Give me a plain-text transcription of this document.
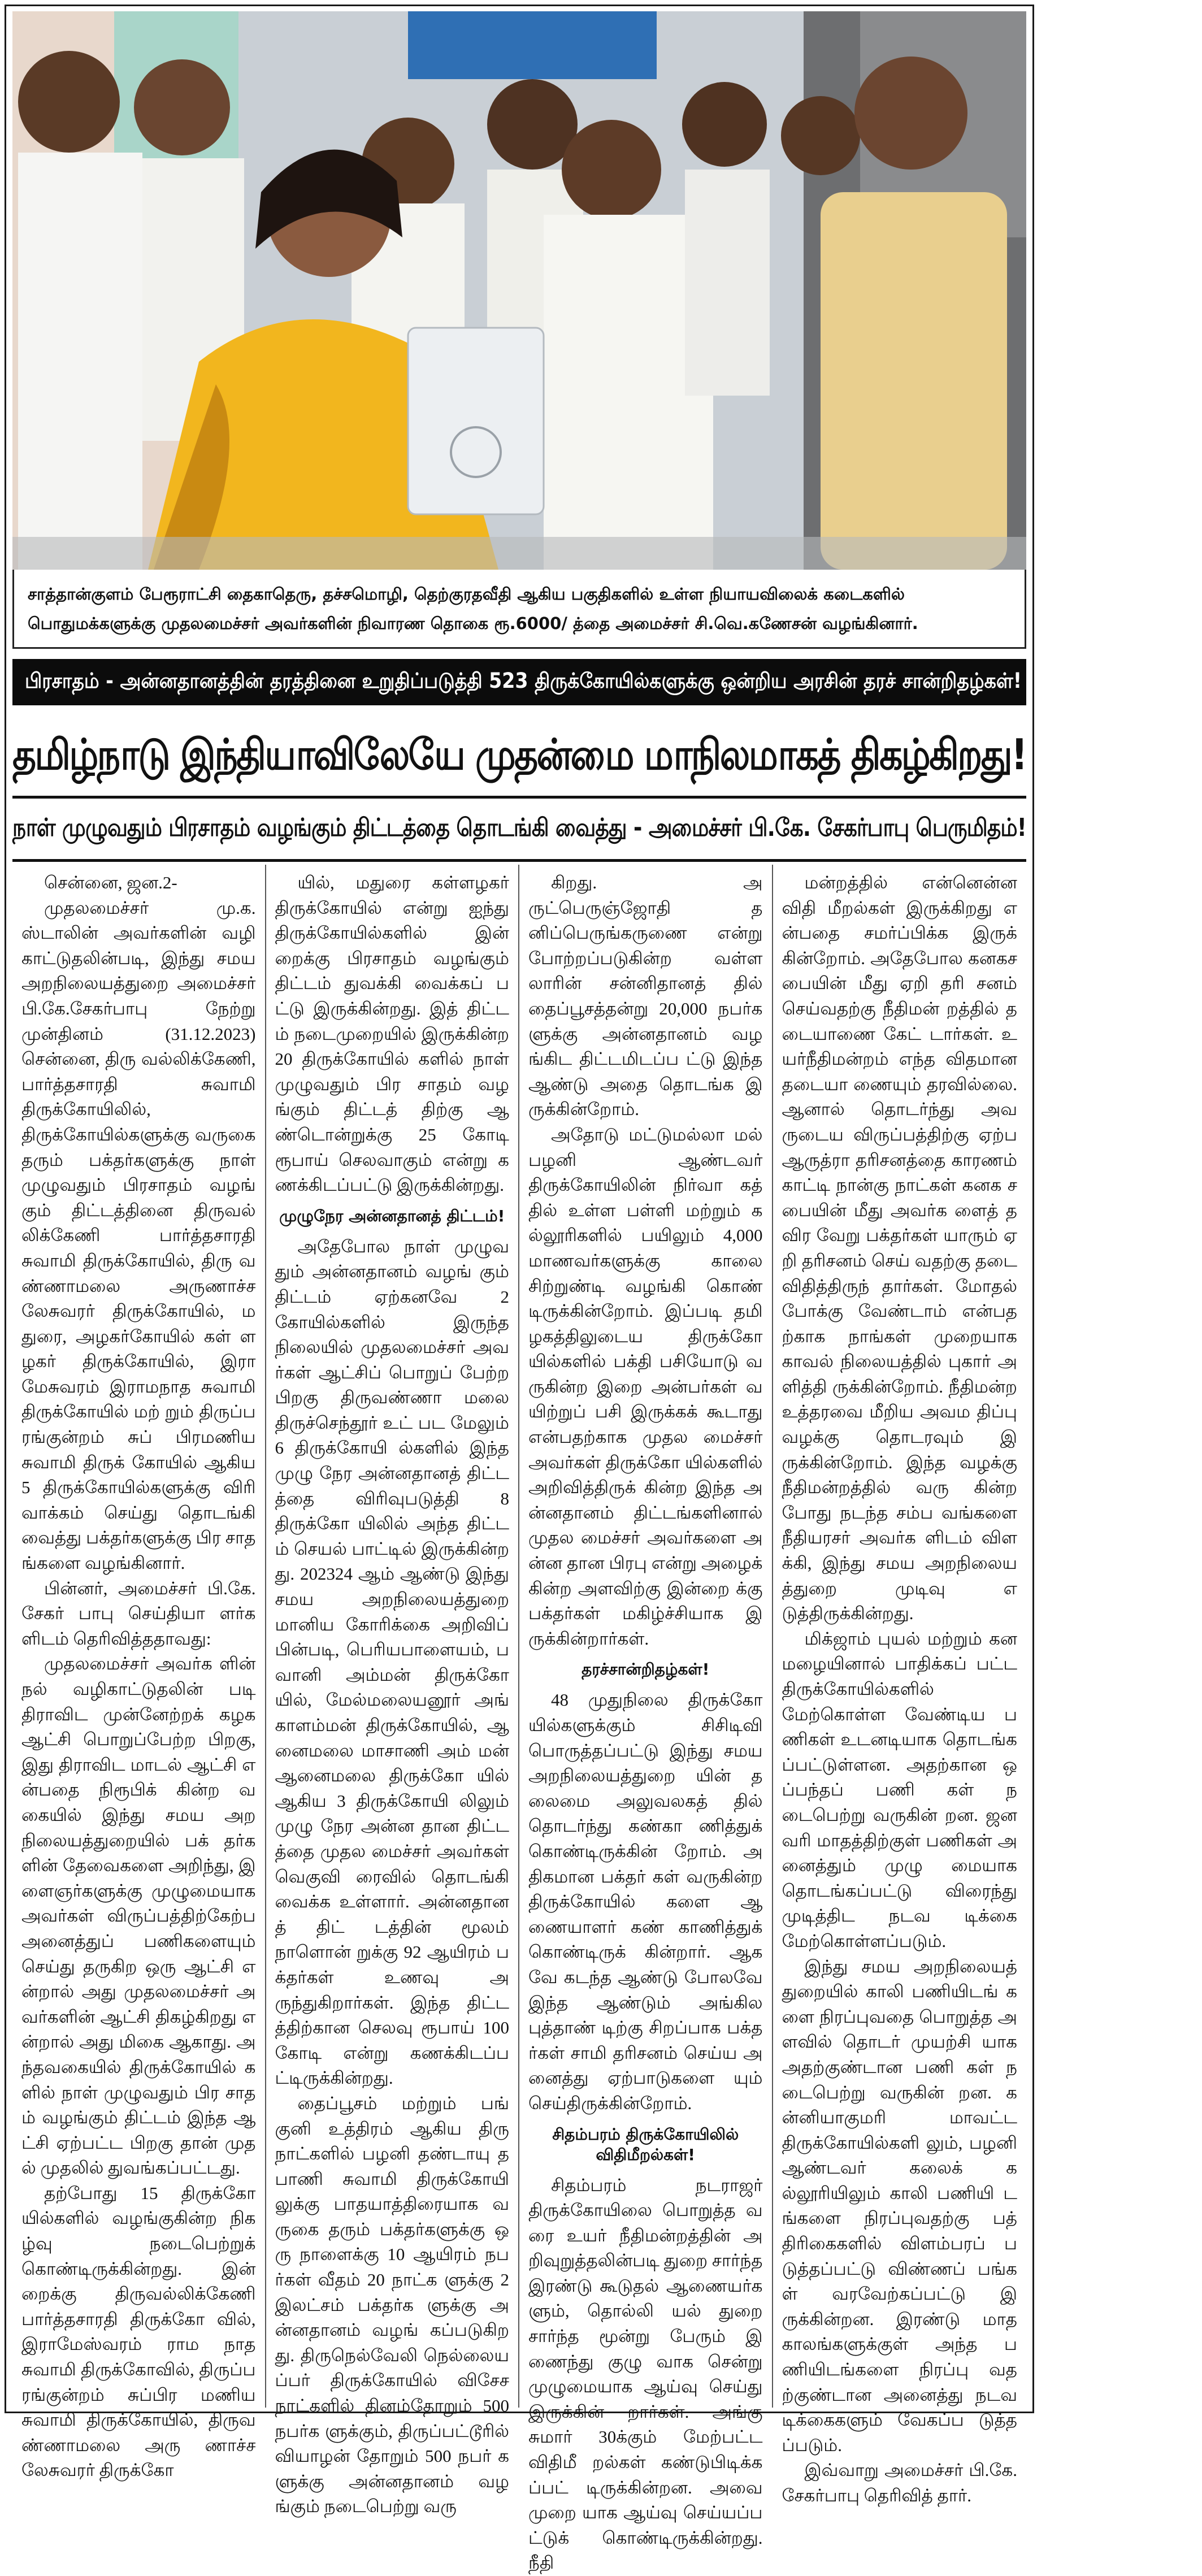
சாத்தான்குளம் பேரூராட்சி தைகாதெரு, தச்சமொழி, தெற்குரதவீதி ஆகிய பகுதிகளில் உள்ள நியாயவிலைக் கடைகளில்

பொதுமக்களுக்கு முதலமைச்சர் அவர்களின் நிவாரண தொகை ரூ.6000/ த்தை அமைச்சர் சி.வெ.கணேசன் வழங்கினார்.

பிரசாதம் - அன்னதானத்தின் தரத்தினை உறுதிப்படுத்தி 523 திருக்கோயில்களுக்கு ஒன்றிய அரசின் தரச் சான்றிதழ்கள்!
தமிழ்நாடு இந்தியாவிலேயே முதன்மை மாநிலமாகத் திகழ்கிறது!
நாள் முழுவதும் பிரசாதம் வழங்கும் திட்டத்தை தொடங்கி வைத்து - அமைச்சர் பி.கே. சேகர்பாபு பெருமிதம்!

சென்னை, ஜன.2-

முதலமைச்சர் மு.க. ஸ்டாலின் அவர்களின் வழி காட்டுதலின்படி, இந்து சமய அறநிலையத்துறை அமைச்சர் பி.கே.சேகர்பாபு நேற்று முன்தினம் (31.12.2023) சென்னை, திரு வல்லிக்கேணி, பார்த்தசாரதி சுவாமி திருக்கோயிலில், திருக்கோயில்களுக்கு வருகை தரும் பக்தர்களுக்கு நாள் முழுவதும் பிரசாதம் வழங் கும் திட்டத்தினை திருவல் லிக்கேணி பார்த்தசாரதி சுவாமி திருக்கோயில், திரு வண்ணாமலை அருணாச்ச லேசுவரர் திருக்கோயில், மதுரை, அழகர்கோயில் கள் ளழகர் திருக்கோயில், இரா மேசுவரம் இராமநாத சுவாமி திருக்கோயில் மற் றும் திருப்பரங்குன்றம் சுப் பிரமணிய சுவாமி திருக் கோயில் ஆகிய 5 திருக்கோயில்களுக்கு விரி வாக்கம் செய்து தொடங்கி வைத்து பக்தர்களுக்கு பிர சாதங்களை வழங்கினார்.

பின்னர், அமைச்சர் பி.கே.சேகர் பாபு செய்தியா ளர்களிடம் தெரிவித்ததாவது:

முதலமைச்சர் அவர்க ளின் நல் வழிகாட்டுதலின் படி திராவிட முன்னேற்றக் கழக ஆட்சி பொறுப்பேற்ற பிறகு, இது திராவிட மாடல் ஆட்சி என்பதை நிரூபிக் கின்ற வகையில் இந்து சமய அறநிலையத்துறையில் பக் தர்களின் தேவைகளை அறிந்து, இளைஞர்களுக்கு முழுமையாக அவர்கள் விருப்பத்திற்கேற்ப அனைத்துப் பணிகளையும் செய்து தருகிற ஒரு ஆட்சி என்றால் அது முதலமைச்சர் அவர்களின் ஆட்சி திகழ்கிறது என்றால் அது மிகை ஆகாது. அந்தவகையில் திருக்கோயில் களில் நாள் முழுவதும் பிர சாதம் வழங்கும் திட்டம் இந்த ஆட்சி ஏற்பட்ட பிறகு தான் முதல் முதலில் துவங்கப்பட்டது.

தற்போது 15 திருக்கோ யில்களில் வழங்குகின்ற நிகழ்வு நடைபெற்றுக் கொண்டிருக்கின்றது. இன் றைக்கு திருவல்லிக்கேணி பார்த்தசாரதி திருக்கோ வில், இராமேஸ்வரம் ராம நாதசுவாமி திருக்கோவில், திருப்பரங்குன்றம் சுப்பிர மணிய சுவாமி திருக்கோயில், திருவண்ணாமலை அரு ணாச்சலேசுவரர் திருக்கோ

யில், மதுரை கள்ளழகர் திருக்கோயில் என்று ஐந்து திருக்கோயில்களில் இன் றைக்கு பிரசாதம் வழங்கும் திட்டம் துவக்கி வைக்கப் பட்டு இருக்கின்றது. இத் திட்டம் நடைமுறையில் இருக்கின்ற 20 திருக்கோயில் களில் நாள் முழுவதும் பிர சாதம் வழங்கும் திட்டத் திற்கு ஆண்டொன்றுக்கு 25 கோடி ரூபாய் செலவாகும் என்று கணக்கிடப்பட்டு இருக்கின்றது.

முழுநேர அன்னதானத் திட்டம்!

அதேபோல நாள் முழுவ தும் அன்னதானம் வழங் கும் திட்டம் ஏற்கனவே 2 கோயில்களில் இருந்த நிலையில் முதலமைச்சர் அவர்கள் ஆட்சிப் பொறுப் பேற்ற பிறகு திருவண்ணா மலை திருச்செந்தூர் உட் பட மேலும் 6 திருக்கோயி ல்களில் இந்த முழு நேர அன்னதானத் திட்டத்தை விரிவுபடுத்தி 8 திருக்கோ யிலில் அந்த திட்டம் செயல் பாட்டில் இருக்கின்றது. 202324 ஆம் ஆண்டு இந்து சமய அறநிலையத்துறை மானிய கோரிக்கை அறிவிப் பின்படி, பெரியபாளையம், பவானி அம்மன் திருக்கோ யில், மேல்மலையனூர் அங் காளம்மன் திருக்கோயில், ஆனைமலை மாசாணி அம் மன் ஆனைமலை திருக்கோ யில் ஆகிய 3 திருக்கோயி லிலும் முழு நேர அன்ன தான திட்டத்தை முதல மைச்சர் அவர்கள் வெகுவி ரைவில் தொடங்கி வைக்க உள்ளார். அன்னதானத் திட் டத்தின் மூலம் நாளொன் றுக்கு 92 ஆயிரம் பக்தர்கள் உணவு அருந்துகிறார்கள். இந்த திட்டத்திற்கான செலவு ரூபாய் 100 கோடி என்று கணக்கிடப்பட்டிருக்கின்றது.

தைப்பூசம் மற்றும் பங் குனி உத்திரம் ஆகிய திரு நாட்களில் பழனி தண்டாயு தபாணி சுவாமி திருக்கோயி லுக்கு பாதயாத்திரையாக வருகை தரும் பக்தர்களுக்கு ஒரு நாளைக்கு 10 ஆயிரம் நபர்கள் வீதம் 20 நாட்க ளுக்கு 2 இலட்சம் பக்தர்க ளுக்கு அன்னதானம் வழங் கப்படுகிறது. திருநெல்வேலி நெல்லையப்பர் திருக்கோயில் விசேச நாட்களில் தினம்தோறும் 500 நபர்க ளுக்கும், திருப்பட்டூரில் வியாழன் தோறும் 500 நபர் களுக்கு அன்னதானம் வழங்கும் நடைபெற்று வரு

கிறது. அருட்பெருஞ்ஜோதி தனிப்பெருங்கருணை என்று போற்றப்படுகின்ற வள்ளலாரின் சன்னிதானத் தில் தைப்பூசத்தன்று 20,000 நபர்களுக்கு அன்னதானம் வழங்கிட திட்டமிடப்ப ட்டு இந்த ஆண்டு அதை தொடங்க இருக்கின்றோம்.

அதோடு மட்டுமல்லா மல் பழனி ஆண்டவர் திருக்கோயிலின் நிர்வா கத் தில் உள்ள பள்ளி மற்றும் கல்லூரிகளில் பயிலும் 4,000 மாணவர்களுக்கு காலை சிற்றுண்டி வழங்கி கொண் டிருக்கின்றோம். இப்படி தமி ழகத்திலுடைய திருக்கோ யில்களில் பக்தி பசியோடு வருகின்ற இறை அன்பர்கள் வயிற்றுப் பசி இருக்கக் கூடாது என்பதற்காக முதல மைச்சர் அவர்கள் திருக்கோ யில்களில் அறிவித்திருக் கின்ற இந்த அன்னதானம் திட்டங்களினால் முதல மைச்சர் அவர்களை அன்ன தான பிரபு என்று அழைக் கின்ற அளவிற்கு இன்றை க்கு பக்தர்கள் மகிழ்ச்சியாக இருக்கின்றார்கள்.

தரச்சான்றிதழ்கள்!

48 முதுநிலை திருக்கோ யில்களுக்கும் சிசிடிவி பொருத்தப்பட்டு இந்து சமய அறநிலையத்துறை யின் தலைமை அலுவலகத் தில் தொடர்ந்து கண்கா ணித்துக் கொண்டிருக்கின் றோம். அதிகமான பக்தர் கள் வருகின்ற திருக்கோயில் களை ஆணையாளர் கண் காணித்துக் கொண்டிருக் கின்றார். ஆகவே கடந்த ஆண்டு போலவே இந்த ஆண்டும் அங்கில புத்தாண் டிற்கு சிறப்பாக பக்தர்கள் சாமி தரிசனம் செய்ய அனைத்து ஏற்பாடுகளை யும் செய்திருக்கின்றோம்.

சிதம்பரம் திருக்கோயிலில் விதிமீறல்கள்!

சிதம்பரம் நடராஜர் திருக்கோயிலை பொறுத்த வரை உயர் நீதிமன்றத்தின் அறிவுறுத்தலின்படி துறை சார்ந்த இரண்டு கூடுதல் ஆணையர்களும், தொல்லி யல் துறை சார்ந்த மூன்று பேரும் இணைந்து குழு வாக சென்று முழுமையாக ஆய்வு செய்து இருக்கின் றார்கள். அங்கு சுமார் 30க்கும் மேற்பட்ட விதிமீ றல்கள் கண்டுபிடிக்கப்பட் டிருக்கின்றன. அவை முறை யாக ஆய்வு செய்யப்பட்டுக் கொண்டிருக்கின்றது. நீதி

மன்றத்தில் என்னென்ன விதி மீறல்கள் இருக்கிறது என்பதை சமர்ப்பிக்க இருக் கின்றோம். அதேபோல கனகசபையின் மீது ஏறி தரி சனம் செய்வதற்கு நீதிமன் றத்தில் தடையாணை கேட் டார்கள். உயர்நீதிமன்றம் எந்த விதமான தடையா ணையும் தரவில்லை. ஆனால் தொடர்ந்து அவருடைய விருப்பத்திற்கு ஏற்ப ஆருத்ரா தரிசனத்தை காரணம் காட்டி நான்கு நாட்கள் கனக சபையின் மீது அவர்க ளைத் தவிர வேறு பக்தர்கள் யாரும் ஏறி தரிசனம் செய் வதற்கு தடை விதித்திருந் தார்கள். மோதல் போக்கு வேண்டாம் என்பதற்காக நாங்கள் முறையாக காவல் நிலையத்தில் புகார் அளித்தி ருக்கின்றோம். நீதிமன்ற உத்தரவை மீறிய அவம திப்பு வழக்கு தொடரவும் இருக்கின்றோம். இந்த வழக்கு நீதிமன்றத்தில் வரு கின்ற போது நடந்த சம்ப வங்களை நீதியரசர் அவர்க ளிடம் விளக்கி, இந்து சமய அறநிலையத்துறை முடிவு எடுத்திருக்கின்றது.

மிக்ஜாம் புயல் மற்றும் கனமழையினால் பாதிக்கப் பட்ட திருக்கோயில்களில் மேற்கொள்ள வேண்டிய பணிகள் உடனடியாக தொடங்கப்பட்டுள்ளன. அதற்கான ஒப்பந்தப் பணி கள் நடைபெற்று வருகின் றன. ஜனவரி மாதத்திற்குள் பணிகள் அனைத்தும் முழு மையாக தொடங்கப்பட்டு விரைந்து முடித்திட நடவ டிக்கை மேற்கொள்ளப்படும்.

இந்து சமய அறநிலையத் துறையில் காலி பணியிடங் களை நிரப்புவதை பொறுத்த அளவில் தொடர் முயற்சி யாக அதற்குண்டான பணி கள் நடைபெற்று வருகின் றன. கன்னியாகுமரி மாவட்ட திருக்கோயில்களி லும், பழனி ஆண்டவர் கலைக் கல்லூரியிலும் காலி பணியி டங்களை நிரப்புவதற்கு பத் திரிகைகளில் விளம்பரப் படுத்தப்பட்டு விண்ணப் பங்கள் வரவேற்கப்பட்டு இருக்கின்றன. இரண்டு மாத காலங்களுக்குள் அந்த பணியிடங்களை நிரப்பு வதற்குண்டான அனைத்து நடவடிக்கைகளும் வேகப்ப டுத்தப்படும்.

இவ்வாறு அமைச்சர் பி.கே.சேகர்பாபு தெரிவித் தார்.
